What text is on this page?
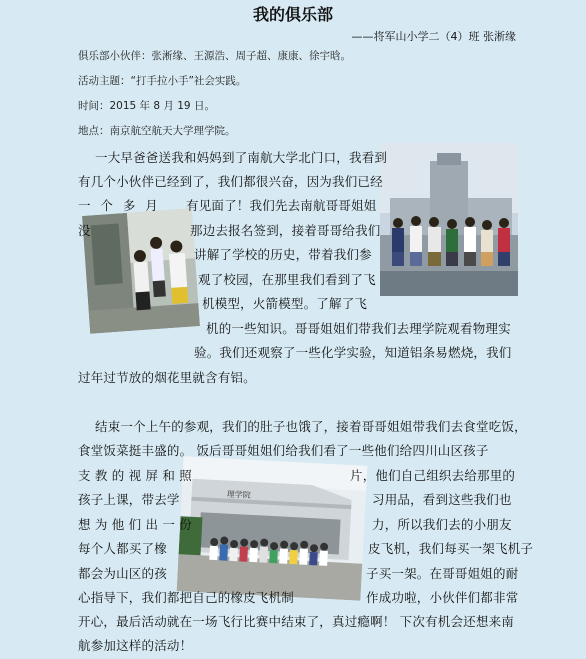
我的俱乐部
——将军山小学二（4）班 张淅缘
俱乐部小伙伴：张淅缘、王源浩、周子超、康康、徐宇晗。
活动主题：“打手拉小手”社会实践。
时间：2015 年 8 月 19 日。
地点：南京航空航天大学理学院。
理学院
一大早爸爸送我和妈妈到了南航大学北门口，我看到
有几个小伙伴已经到了，我们都很兴奋，因为我们已经
一 个 多 月 没
有见面了！我们先去南航哥哥姐姐
那边去报名签到，接着哥哥给我们
讲解了学校的历史，带着我们参
观了校园，在那里我们看到了飞
机模型，火箭模型。了解了飞
机的一些知识。哥哥姐姐们带我们去理学院观看物理实
验。我们还观察了一些化学实验，知道铝条易燃烧，我们
过年过节放的烟花里就含有铝。
结束一个上午的参观，我们的肚子也饿了，接着哥哥姐姐带我们去食堂吃饭，
食堂饭菜挺丰盛的。 饭后哥哥姐姐们给我们看了一些他们给四川山区孩子
支 教 的 视 屏 和 照	片，他们自己组织去给那里的
孩子上课，带去学	习用品，看到这些我们也
想 为 他 们 出 一 份	力，所以我们去的小朋友
每个人都买了橡	皮飞机，我们每买一架飞机子
都会为山区的孩	子买一架。在哥哥姐姐的耐
心指导下，我们都把自己的橡皮飞机制	作成功啦，小伙伴们都非常
开心，最后活动就在一场飞行比赛中结束了，真过瘾啊！ 下次有机会还想来南
航参加这样的活动！
